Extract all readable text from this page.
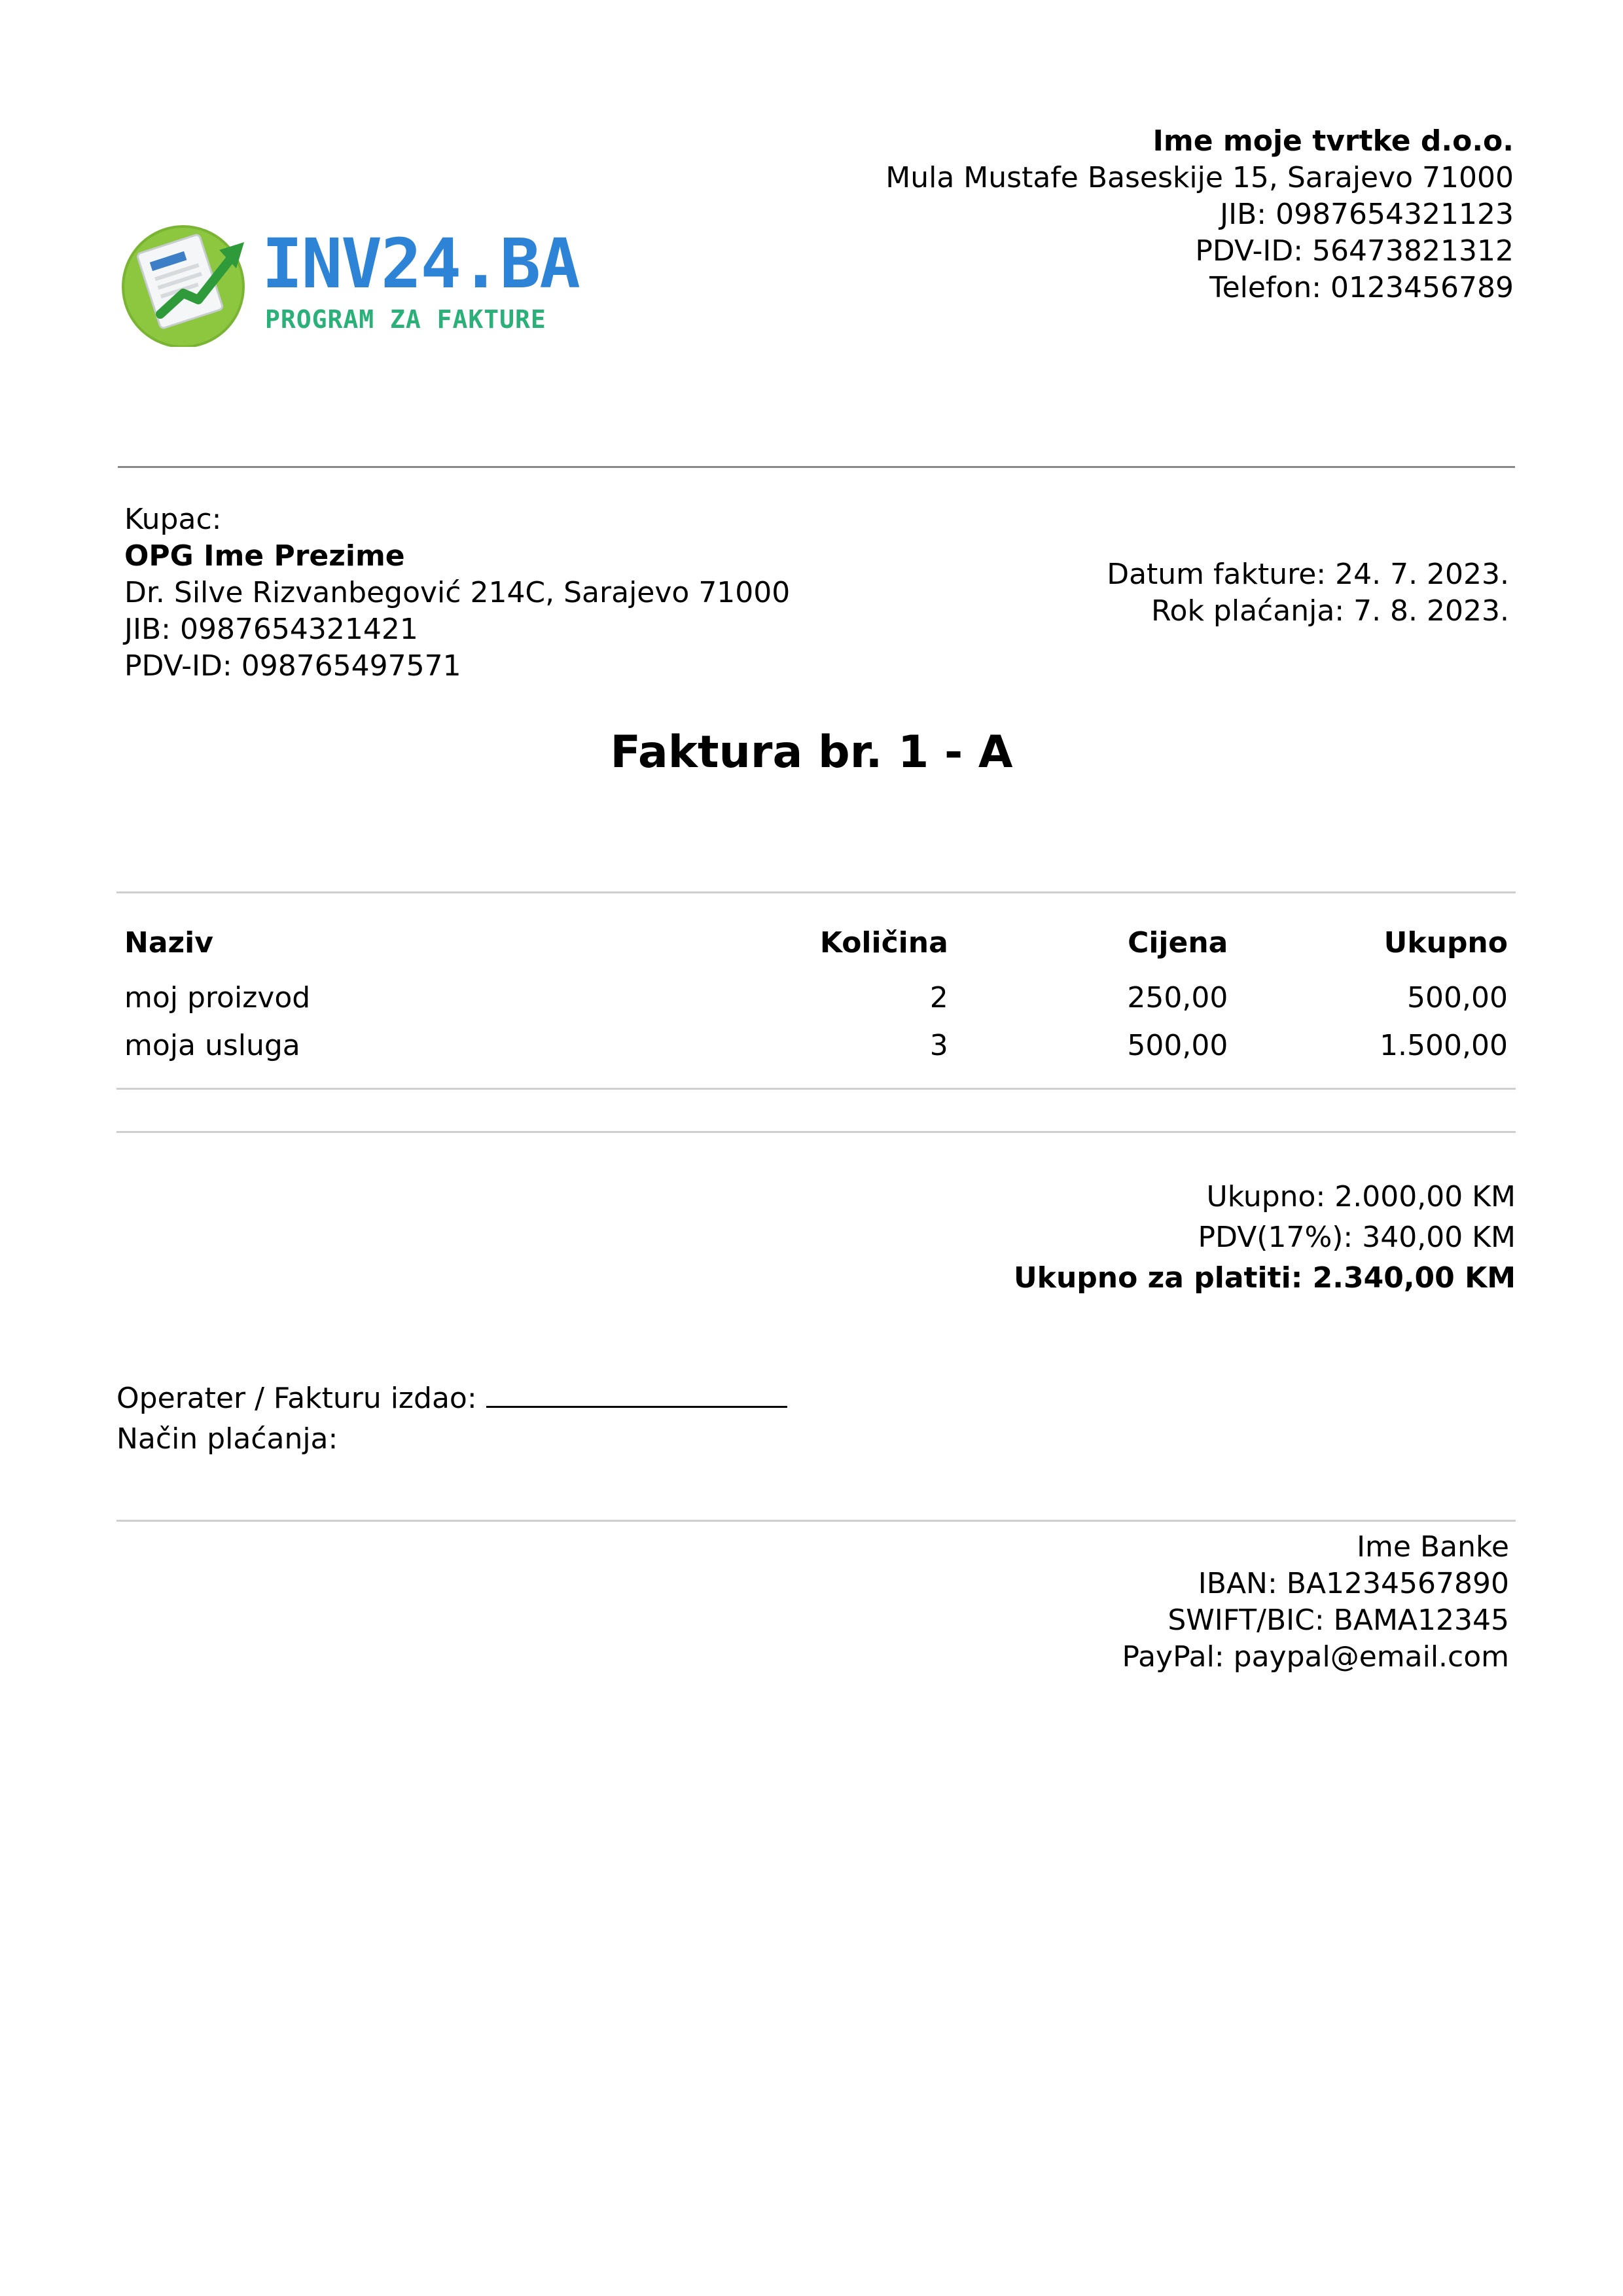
Ime moje tvrtke d.o.o.
Mula Mustafe Baseskije 15, Sarajevo 71000
JIB: 0987654321123
PDV-ID: 56473821312
Telefon: 0123456789
INV24.BA
PROGRAM ZA FAKTURE
Kupac:
OPG Ime Prezime
Dr. Silve Rizvanbegović 214C, Sarajevo 71000
JIB: 0987654321421
PDV-ID: 098765497571
Datum fakture: 24. 7. 2023.
Rok plaćanja: 7. 8. 2023.
Faktura br. 1 - A
Naziv	Količina	Cijena	Ukupno
moj proizvod	2	250,00	500,00
moja usluga	3	500,00	1.500,00
Ukupno: 2.000,00 KM
PDV(17%): 340,00 KM
Ukupno za platiti: 2.340,00 KM
Operater / Fakturu izdao:
Način plaćanja:
Ime Banke
IBAN: BA1234567890
SWIFT/BIC: BAMA12345
PayPal: paypal@email.com
